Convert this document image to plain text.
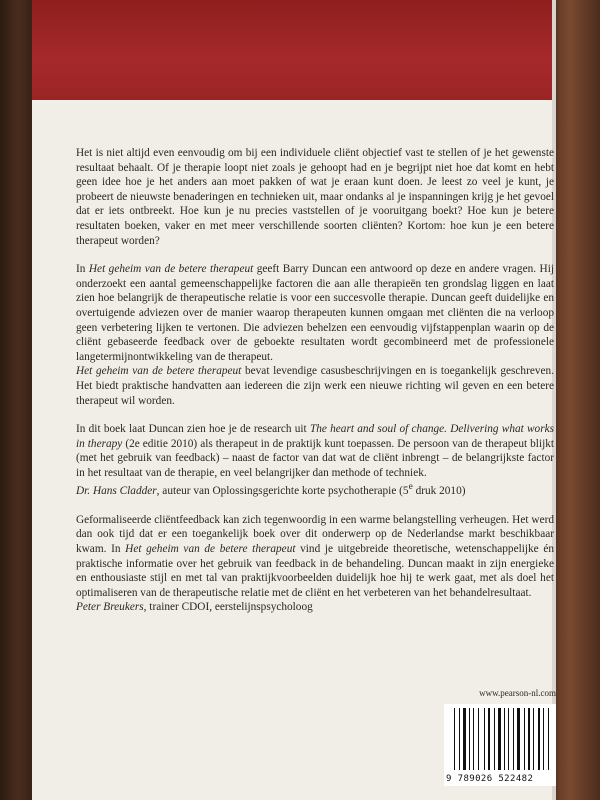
Het is niet altijd even eenvoudig om bij een individuele cliënt objectief vast te stellen of je het gewenste resultaat behaalt. Of je therapie loopt niet zoals je gehoopt had en je begrijpt niet hoe dat komt en hebt geen idee hoe je het anders aan moet pakken of wat je eraan kunt doen. Je leest zo veel je kunt, je probeert de nieuwste benaderingen en technieken uit, maar ondanks al je inspanningen krijg je het gevoel dat er iets ontbreekt. Hoe kun je nu precies vaststellen of je vooruitgang boekt? Hoe kun je betere resultaten boeken, vaker en met meer verschillende soorten cliënten? Kortom: hoe kun je een betere therapeut worden?

In Het geheim van de betere therapeut geeft Barry Duncan een antwoord op deze en andere vragen. Hij onderzoekt een aantal gemeenschappelijke factoren die aan alle therapieën ten grondslag liggen en laat zien hoe belangrijk de therapeutische relatie is voor een succesvolle therapie. Duncan geeft duidelijke en overtuigende adviezen over de manier waarop therapeuten kunnen omgaan met cliënten die na verloop geen verbetering lijken te vertonen. Die adviezen behelzen een eenvoudig vijfstappenplan waarin op de cliënt gebaseerde feedback over de geboekte resultaten wordt gecombineerd met de professionele langetermijnontwikkeling van de therapeut.
Het geheim van de betere therapeut bevat levendige casusbeschrijvingen en is toegankelijk geschreven. Het biedt praktische handvatten aan iedereen die zijn werk een nieuwe richting wil geven en een betere therapeut wil worden.

In dit boek laat Duncan zien hoe je de research uit The heart and soul of change. Delivering what works in therapy (2e editie 2010) als therapeut in de praktijk kunt toepassen. De persoon van de therapeut blijkt (met het gebruik van feedback) – naast de factor van dat wat de cliënt inbrengt – de belangrijkste factor in het resultaat van de therapie, en veel belangrijker dan methode of techniek.
Dr. Hans Cladder, auteur van Oplossingsgerichte korte psychotherapie (5e druk 2010)

Geformaliseerde cliëntfeedback kan zich tegenwoordig in een warme belangstelling verheugen. Het werd dan ook tijd dat er een toegankelijk boek over dit onderwerp op de Nederlandse markt beschikbaar kwam. In Het geheim van de betere therapeut vind je uitgebreide theoretische, wetenschappelijke én praktische informatie over het gebruik van feedback in de behandeling. Duncan maakt in zijn energieke en enthousiaste stijl en met tal van praktijkvoorbeelden duidelijk hoe hij te werk gaat, met als doel het optimaliseren van de therapeutische relatie met de cliënt en het verbeteren van het behandelresultaat.
Peter Breukers, trainer CDOI, eerstelijnspsycholoog

www.pearson-nl.com
9 789026 522482
